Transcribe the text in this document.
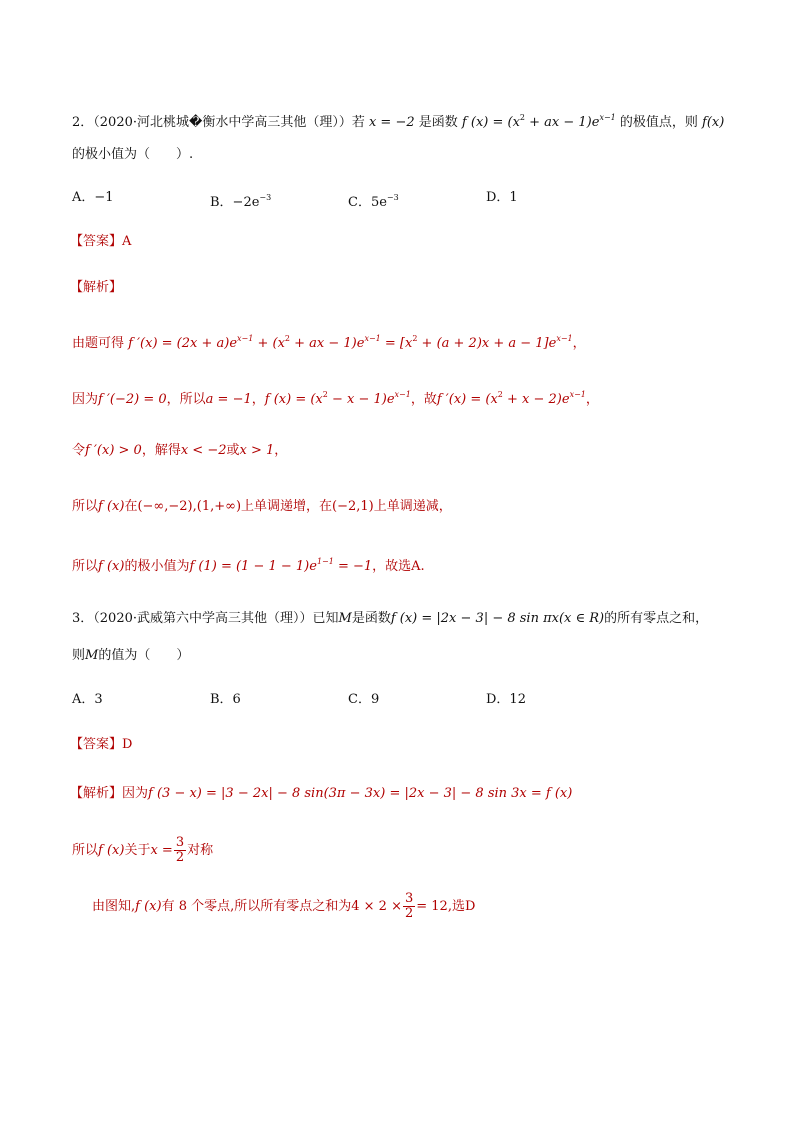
2．（2020·河北桃城�衡水中学高三其他（理））若 x = −2 是函数 f $(x) = (x^2$ + ax − $1)e^{x-1}$ 的极值点，则 f(x)
的极小值为（　　）.
A．−1	B．$-2e^{-3}$	C．$5e^{-3}$	D．1
【答案】A
【解析】
由题可得 f $'(x) = (2x + a)e^{x-1} + (x^2$ + ax − $1)e^{x-1} = [x^2 + (a + 2)x + a - 1]e^{x-1}$，
因为f ′(−2) = 0，所以a = −1，f $(x) = (x^2 - x - 1)e^{x-1}$，故f $'(x) = (x^2 + x - 2)e^{x-1}$，
令f ′(x) > 0，解得x < −2或x > 1，
所以f (x)在(−∞,−2),(1,+∞)上单调递增，在(−2,1)上单调递减，
所以f (x)的极小值为f $(1) = (1 - 1 - 1)e^{1-1} = -1$，故选A.
3．（2020·武威第六中学高三其他（理））已知M是函数f (x) = |2x − 3| − 8 sin πx(x ∈ R)的所有零点之和，
则M的值为（　　）
A．3	B．6	C．9	D．12
【答案】D
【解析】因为f (3 − x) = |3 − 2x| − 8 sin(3π − 3x) = |2x − 3| − 8 sin 3x = f (x)
所以f (x)关于$x = \frac{3}{2}$ 对称
由图知,f (x)有 8 个零点,所以所有零点之和为$4 \times 2 \times \frac{3}{2} = 12$,选D
